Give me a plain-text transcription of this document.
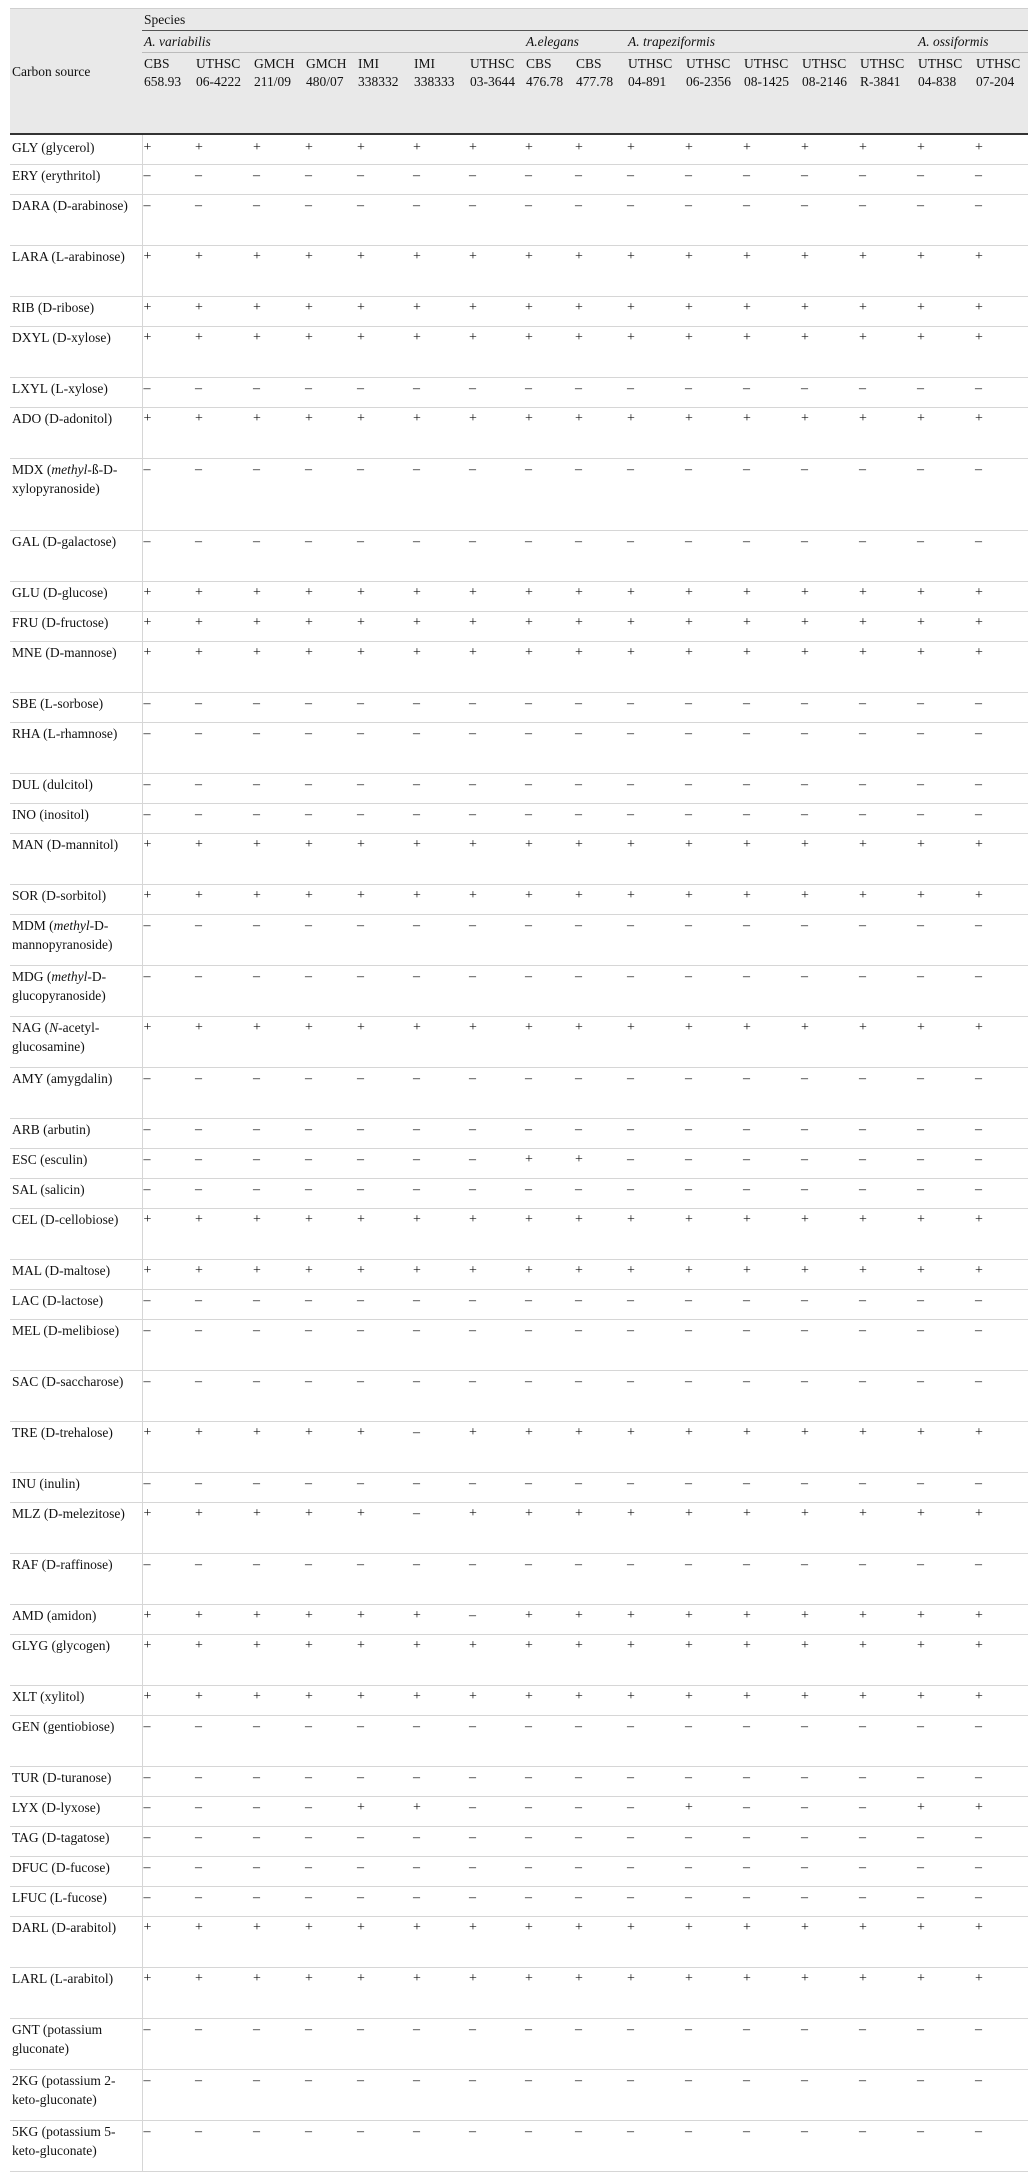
Carbon source	Species															
	A. variabilis							A.elegans		A. trapeziformis					A. ossiformis	
	CBS 658.93	UTHSC 06-4222	GMCH 211/09	GMCH 480/07	IMI 338332	IMI 338333	UTHSC 03-3644	CBS 476.78	CBS 477.78	UTHSC 04-891	UTHSC 06-2356	UTHSC 08-1425	UTHSC 08-2146	UTHSC R-3841	UTHSC 04-838	UTHSC 07-204
GLY (glycerol)	+	+	+	+	+	+	+	+	+	+	+	+	+	+	+	+
ERY (erythritol)	–	–	–	–	–	–	–	–	–	–	–	–	–	–	–	–
DARA (D-arabinose)	–	–	–	–	–	–	–	–	–	–	–	–	–	–	–	–
LARA (L-arabinose)	+	+	+	+	+	+	+	+	+	+	+	+	+	+	+	+
RIB (D-ribose)	+	+	+	+	+	+	+	+	+	+	+	+	+	+	+	+
DXYL (D-xylose)	+	+	+	+	+	+	+	+	+	+	+	+	+	+	+	+
LXYL (L-xylose)	–	–	–	–	–	–	–	–	–	–	–	–	–	–	–	–
ADO (D-adonitol)	+	+	+	+	+	+	+	+	+	+	+	+	+	+	+	+
MDX (methyl-ß-D-xylopyranoside)	–	–	–	–	–	–	–	–	–	–	–	–	–	–	–	–
GAL (D-galactose)	–	–	–	–	–	–	–	–	–	–	–	–	–	–	–	–
GLU (D-glucose)	+	+	+	+	+	+	+	+	+	+	+	+	+	+	+	+
FRU (D-fructose)	+	+	+	+	+	+	+	+	+	+	+	+	+	+	+	+
MNE (D-mannose)	+	+	+	+	+	+	+	+	+	+	+	+	+	+	+	+
SBE (L-sorbose)	–	–	–	–	–	–	–	–	–	–	–	–	–	–	–	–
RHA (L-rhamnose)	–	–	–	–	–	–	–	–	–	–	–	–	–	–	–	–
DUL (dulcitol)	–	–	–	–	–	–	–	–	–	–	–	–	–	–	–	–
INO (inositol)	–	–	–	–	–	–	–	–	–	–	–	–	–	–	–	–
MAN (D-mannitol)	+	+	+	+	+	+	+	+	+	+	+	+	+	+	+	+
SOR (D-sorbitol)	+	+	+	+	+	+	+	+	+	+	+	+	+	+	+	+
MDM (methyl-D-mannopyranoside)	–	–	–	–	–	–	–	–	–	–	–	–	–	–	–	–
MDG (methyl-D-glucopyranoside)	–	–	–	–	–	–	–	–	–	–	–	–	–	–	–	–
NAG (N-acetyl-glucosamine)	+	+	+	+	+	+	+	+	+	+	+	+	+	+	+	+
AMY (amygdalin)	–	–	–	–	–	–	–	–	–	–	–	–	–	–	–	–
ARB (arbutin)	–	–	–	–	–	–	–	–	–	–	–	–	–	–	–	–
ESC (esculin)	–	–	–	–	–	–	–	+	+	–	–	–	–	–	–	–
SAL (salicin)	–	–	–	–	–	–	–	–	–	–	–	–	–	–	–	–
CEL (D-cellobiose)	+	+	+	+	+	+	+	+	+	+	+	+	+	+	+	+
MAL (D-maltose)	+	+	+	+	+	+	+	+	+	+	+	+	+	+	+	+
LAC (D-lactose)	–	–	–	–	–	–	–	–	–	–	–	–	–	–	–	–
MEL (D-melibiose)	–	–	–	–	–	–	–	–	–	–	–	–	–	–	–	–
SAC (D-saccharose)	–	–	–	–	–	–	–	–	–	–	–	–	–	–	–	–
TRE (D-trehalose)	+	+	+	+	+	–	+	+	+	+	+	+	+	+	+	+
INU (inulin)	–	–	–	–	–	–	–	–	–	–	–	–	–	–	–	–
MLZ (D-melezitose)	+	+	+	+	+	–	+	+	+	+	+	+	+	+	+	+
RAF (D-raffinose)	–	–	–	–	–	–	–	–	–	–	–	–	–	–	–	–
AMD (amidon)	+	+	+	+	+	+	–	+	+	+	+	+	+	+	+	+
GLYG (glycogen)	+	+	+	+	+	+	+	+	+	+	+	+	+	+	+	+
XLT (xylitol)	+	+	+	+	+	+	+	+	+	+	+	+	+	+	+	+
GEN (gentiobiose)	–	–	–	–	–	–	–	–	–	–	–	–	–	–	–	–
TUR (D-turanose)	–	–	–	–	–	–	–	–	–	–	–	–	–	–	–	–
LYX (D-lyxose)	–	–	–	–	+	+	–	–	–	–	+	–	–	–	+	+
TAG (D-tagatose)	–	–	–	–	–	–	–	–	–	–	–	–	–	–	–	–
DFUC (D-fucose)	–	–	–	–	–	–	–	–	–	–	–	–	–	–	–	–
LFUC (L-fucose)	–	–	–	–	–	–	–	–	–	–	–	–	–	–	–	–
DARL (D-arabitol)	+	+	+	+	+	+	+	+	+	+	+	+	+	+	+	+
LARL (L-arabitol)	+	+	+	+	+	+	+	+	+	+	+	+	+	+	+	+
GNT (potassium gluconate)	–	–	–	–	–	–	–	–	–	–	–	–	–	–	–	–
2KG (potassium 2-keto-gluconate)	–	–	–	–	–	–	–	–	–	–	–	–	–	–	–	–
5KG (potassium 5-keto-gluconate)	–	–	–	–	–	–	–	–	–	–	–	–	–	–	–	–
